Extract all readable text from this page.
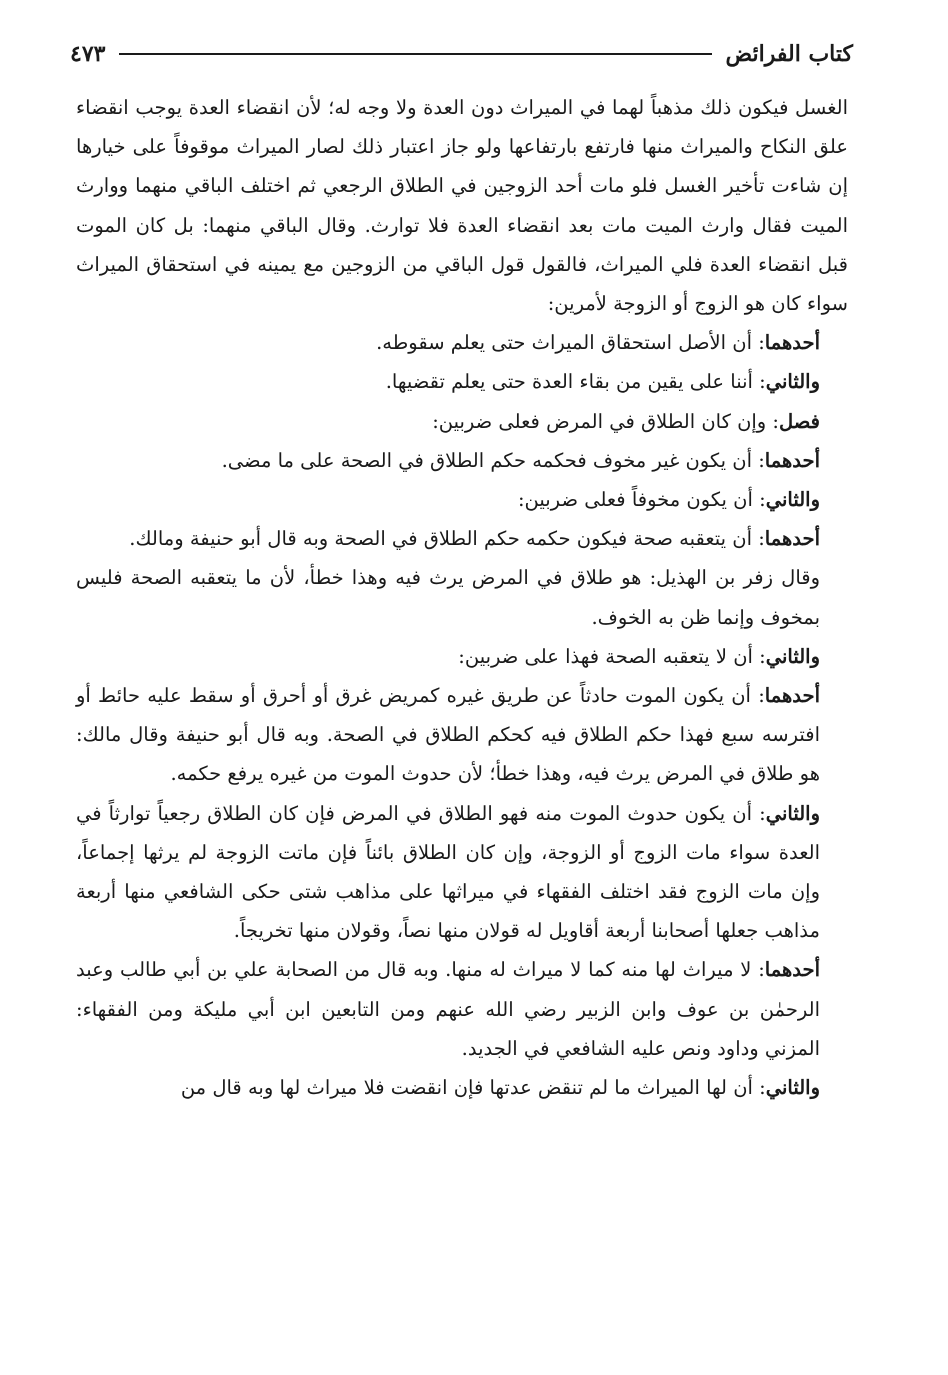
كتاب الفرائض
٤٧٣

الغسل فيكون ذلك مذهباً لهما في الميراث دون العدة ولا وجه له؛ لأن انقضاء العدة يوجب انقضاء علق النكاح والميراث منها فارتفع بارتفاعها ولو جاز اعتبار ذلك لصار الميراث موقوفاً على خيارها إن شاءت تأخير الغسل فلو مات أحد الزوجين في الطلاق الرجعي ثم اختلف الباقي منهما ووارث الميت فقال وارث الميت مات بعد انقضاء العدة فلا توارث. وقال الباقي منهما: بل كان الموت قبل انقضاء العدة فلي الميراث، فالقول قول الباقي من الزوجين مع يمينه في استحقاق الميراث سواء كان هو الزوج أو الزوجة لأمرين:

أحدهما: أن الأصل استحقاق الميراث حتى يعلم سقوطه.

والثاني: أننا على يقين من بقاء العدة حتى يعلم تقضيها.

فصل: وإن كان الطلاق في المرض فعلى ضربين:

أحدهما: أن يكون غير مخوف فحكمه حكم الطلاق في الصحة على ما مضى.

والثاني: أن يكون مخوفاً فعلى ضربين:

أحدهما: أن يتعقبه صحة فيكون حكمه حكم الطلاق في الصحة وبه قال أبو حنيفة ومالك.

وقال زفر بن الهذيل: هو طلاق في المرض يرث فيه وهذا خطأ، لأن ما يتعقبه الصحة فليس بمخوف وإنما ظن به الخوف.

والثاني: أن لا يتعقبه الصحة فهذا على ضربين:

أحدهما: أن يكون الموت حادثاً عن طريق غيره كمريض غرق أو أحرق أو سقط عليه حائط أو افترسه سبع فهذا حكم الطلاق فيه كحكم الطلاق في الصحة. وبه قال أبو حنيفة وقال مالك: هو طلاق في المرض يرث فيه، وهذا خطأ؛ لأن حدوث الموت من غيره يرفع حكمه.

والثاني: أن يكون حدوث الموت منه فهو الطلاق في المرض فإن كان الطلاق رجعياً توارثاً في العدة سواء مات الزوج أو الزوجة، وإن كان الطلاق بائناً فإن ماتت الزوجة لم يرثها إجماعاً، وإن مات الزوج فقد اختلف الفقهاء في ميراثها على مذاهب شتى حكى الشافعي منها أربعة مذاهب جعلها أصحابنا أربعة أقاويل له قولان منها نصاً، وقولان منها تخريجاً.

أحدهما: لا ميراث لها منه كما لا ميراث له منها. وبه قال من الصحابة علي بن أبي طالب وعبد الرحمٰن بن عوف وابن الزبير رضي الله عنهم ومن التابعين ابن أبي مليكة ومن الفقهاء: المزني وداود ونص عليه الشافعي في الجديد.

والثاني: أن لها الميراث ما لم تنقض عدتها فإن انقضت فلا ميراث لها وبه قال من
